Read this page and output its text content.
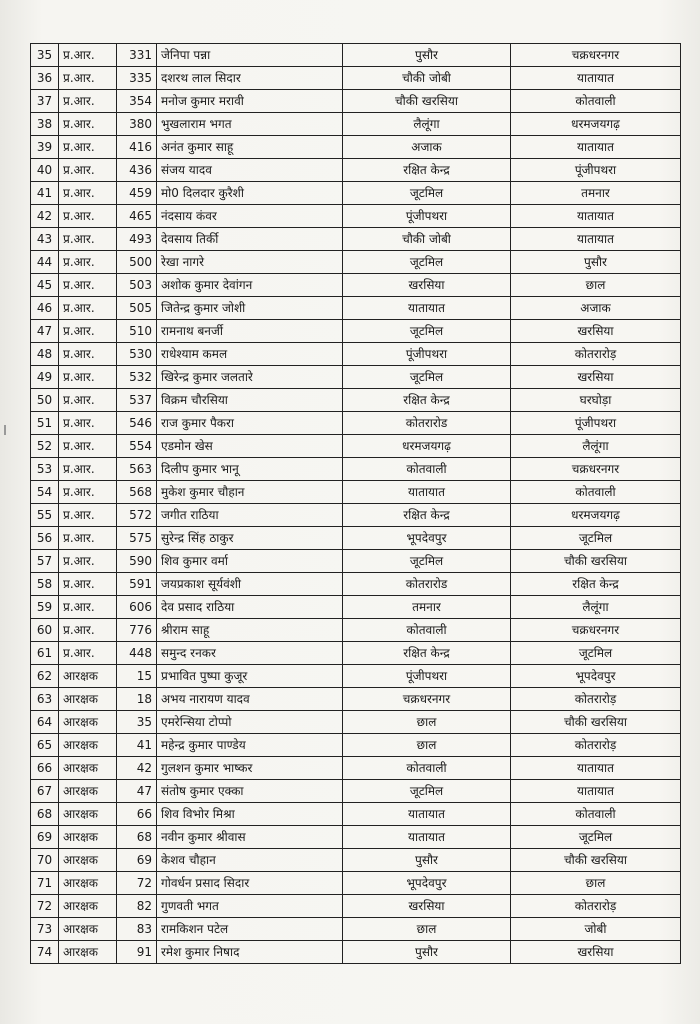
35	प्र.आर.	331	जेनिपा पन्ना	पुसौर	चक्रधरनगर
36	प्र.आर.	335	दशरथ लाल सिदार	चौकी जोबी	यातायात
37	प्र.आर.	354	मनोज कुमार मरावी	चौकी खरसिया	कोतवाली
38	प्र.आर.	380	भुखलाराम भगत	लैलूंगा	धरमजयगढ़
39	प्र.आर.	416	अनंत कुमार साहू	अजाक	यातायात
40	प्र.आर.	436	संजय यादव	रक्षित केन्द्र	पूंजीपथरा
41	प्र.आर.	459	मो0 दिलदार कुरैशी	जूटमिल	तमनार
42	प्र.आर.	465	नंदसाय कंवर	पूंजीपथरा	यातायात
43	प्र.आर.	493	देवसाय तिर्की	चौकी जोबी	यातायात
44	प्र.आर.	500	रेखा नागरे	जूटमिल	पुसौर
45	प्र.आर.	503	अशोक कुमार देवांगन	खरसिया	छाल
46	प्र.आर.	505	जितेन्द्र कुमार जोशी	यातायात	अजाक
47	प्र.आर.	510	रामनाथ बनर्जी	जूटमिल	खरसिया
48	प्र.आर.	530	राधेश्याम कमल	पूंजीपथरा	कोतरारोड़
49	प्र.आर.	532	खिरेन्द्र कुमार जलतारे	जूटमिल	खरसिया
50	प्र.आर.	537	विक्रम चौरसिया	रक्षित केन्द्र	घरघोड़ा
51	प्र.आर.	546	राज कुमार पैकरा	कोतरारोड	पूंजीपथरा
52	प्र.आर.	554	एडमोन खेस	धरमजयगढ़	लैलूंगा
53	प्र.आर.	563	दिलीप कुमार भानू	कोतवाली	चक्रधरनगर
54	प्र.आर.	568	मुकेश कुमार चौहान	यातायात	कोतवाली
55	प्र.आर.	572	जगीत राठिया	रक्षित केन्द्र	धरमजयगढ़
56	प्र.आर.	575	सुरेन्द्र सिंह ठाकुर	भूपदेवपुर	जूटमिल
57	प्र.आर.	590	शिव कुमार वर्मा	जूटमिल	चौकी खरसिया
58	प्र.आर.	591	जयप्रकाश सूर्यवंशी	कोतरारोड	रक्षित केन्द्र
59	प्र.आर.	606	देव प्रसाद राठिया	तमनार	लैलूंगा
60	प्र.आर.	776	श्रीराम साहू	कोतवाली	चक्रधरनगर
61	प्र.आर.	448	समुन्द रनकर	रक्षित केन्द्र	जूटमिल
62	आरक्षक	15	प्रभावित पुष्पा कुजूर	पूंजीपथरा	भूपदेवपुर
63	आरक्षक	18	अभय नारायण यादव	चक्रधरनगर	कोतरारोड़
64	आरक्षक	35	एमरेन्सिया टोप्पो	छाल	चौकी खरसिया
65	आरक्षक	41	महेन्द्र कुमार पाण्डेय	छाल	कोतरारोड़
66	आरक्षक	42	गुलशन कुमार भाष्कर	कोतवाली	यातायात
67	आरक्षक	47	संतोष कुमार एक्का	जूटमिल	यातायात
68	आरक्षक	66	शिव विभोर मिश्रा	यातायात	कोतवाली
69	आरक्षक	68	नवीन कुमार श्रीवास	यातायात	जूटमिल
70	आरक्षक	69	केशव चौहान	पुसौर	चौकी खरसिया
71	आरक्षक	72	गोवर्धन प्रसाद सिदार	भूपदेवपुर	छाल
72	आरक्षक	82	गुणवती भगत	खरसिया	कोतरारोड़
73	आरक्षक	83	रामकिशन पटेल	छाल	जोबी
74	आरक्षक	91	रमेश कुमार निषाद	पुसौर	खरसिया
